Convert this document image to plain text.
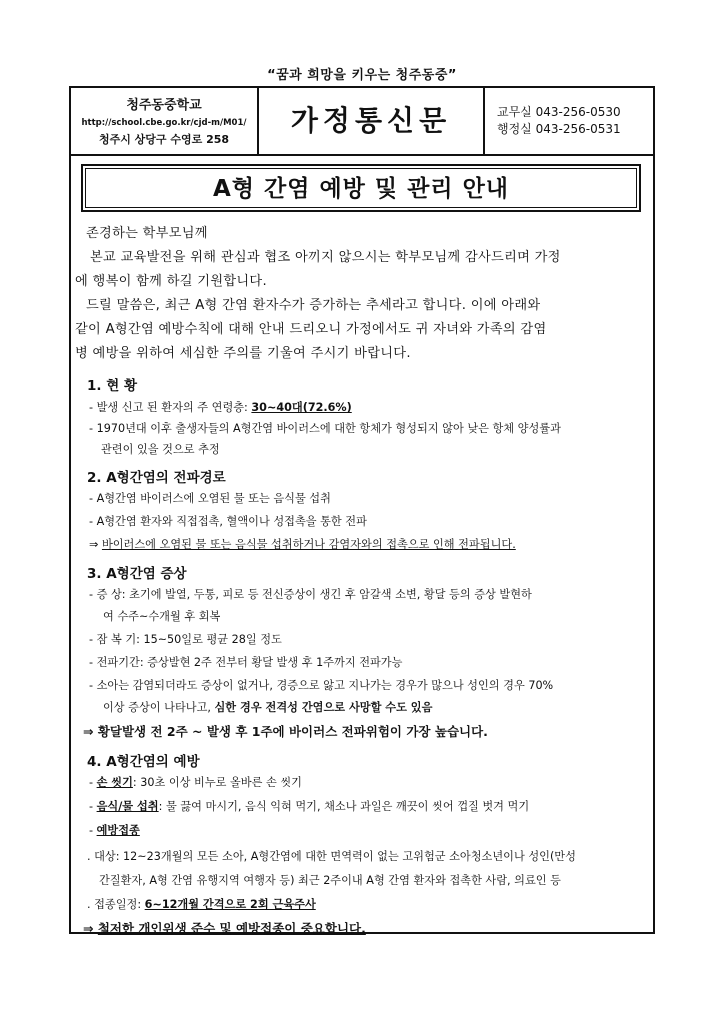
“꿈과 희망을 키우는 청주동중”
청주동중학교
http://school.cbe.go.kr/cjd-m/M01/
청주시 상당구 수영로 258
가정통신문	교무실 043-256-0530
행정실 043-256-0531
A형 간염 예방 및 관리 안내
존경하는 학부모님께
본교 교육발전을 위해 관심과 협조 아끼지 않으시는 학부모님께 감사드리며 가정
에 행복이 함께 하길 기원합니다.
드릴 말씀은, 최근 A형 간염 환자수가 증가하는 추세라고 합니다. 이에 아래와
같이 A형간염 예방수칙에 대해 안내 드리오니 가정에서도 귀 자녀와 가족의 감염
병 예방을 위하여 세심한 주의를 기울여 주시기 바랍니다.
1. 현 황
- 발생 신고 된 환자의 주 연령층: 30~40대(72.6%)
- 1970년대 이후 출생자들의 A형간염 바이러스에 대한 항체가 형성되지 않아 낮은 항체 양성률과
관련이 있을 것으로 추정
2. A형간염의 전파경로
- A형간염 바이러스에 오염된 물 또는 음식물 섭취
- A형간염 환자와 직접접촉, 혈액이나 성접촉을 통한 전파
⇒ 바이러스에 오염된 물 또는 음식물 섭취하거나 감염자와의 접촉으로 인해 전파됩니다.
3. A형간염 증상
- 증 상: 초기에 발열, 두통, 피로 등 전신증상이 생긴 후 암갈색 소변, 황달 등의 증상 발현하
여 수주~수개월 후 회복
- 잠 복 기: 15~50일로 평균 28일 정도
- 전파기간: 증상발현 2주 전부터 황달 발생 후 1주까지 전파가능
- 소아는 감염되더라도 증상이 없거나, 경증으로 앓고 지나가는 경우가 많으나 성인의 경우 70%
이상 증상이 나타나고, 심한 경우 전격성 간염으로 사망할 수도 있음
⇒ 황달발생 전 2주 ~ 발생 후 1주에 바이러스 전파위험이 가장 높습니다.
4. A형간염의 예방
- 손 씻기: 30초 이상 비누로 올바른 손 씻기
- 음식/물 섭취: 물 끓여 마시기, 음식 익혀 먹기, 채소나 과일은 깨끗이 씻어 껍질 벗겨 먹기
- 예방접종
. 대상: 12~23개월의 모든 소아, A형간염에 대한 면역력이 없는 고위험군 소아청소년이나 성인(만성
간질환자, A형 간염 유행지역 여행자 등) 최근 2주이내 A형 간염 환자와 접촉한 사람, 의료인 등
. 접종일정: 6~12개월 간격으로 2회 근육주사
⇒ 철저한 개인위생 준수 및 예방접종이 중요합니다.
